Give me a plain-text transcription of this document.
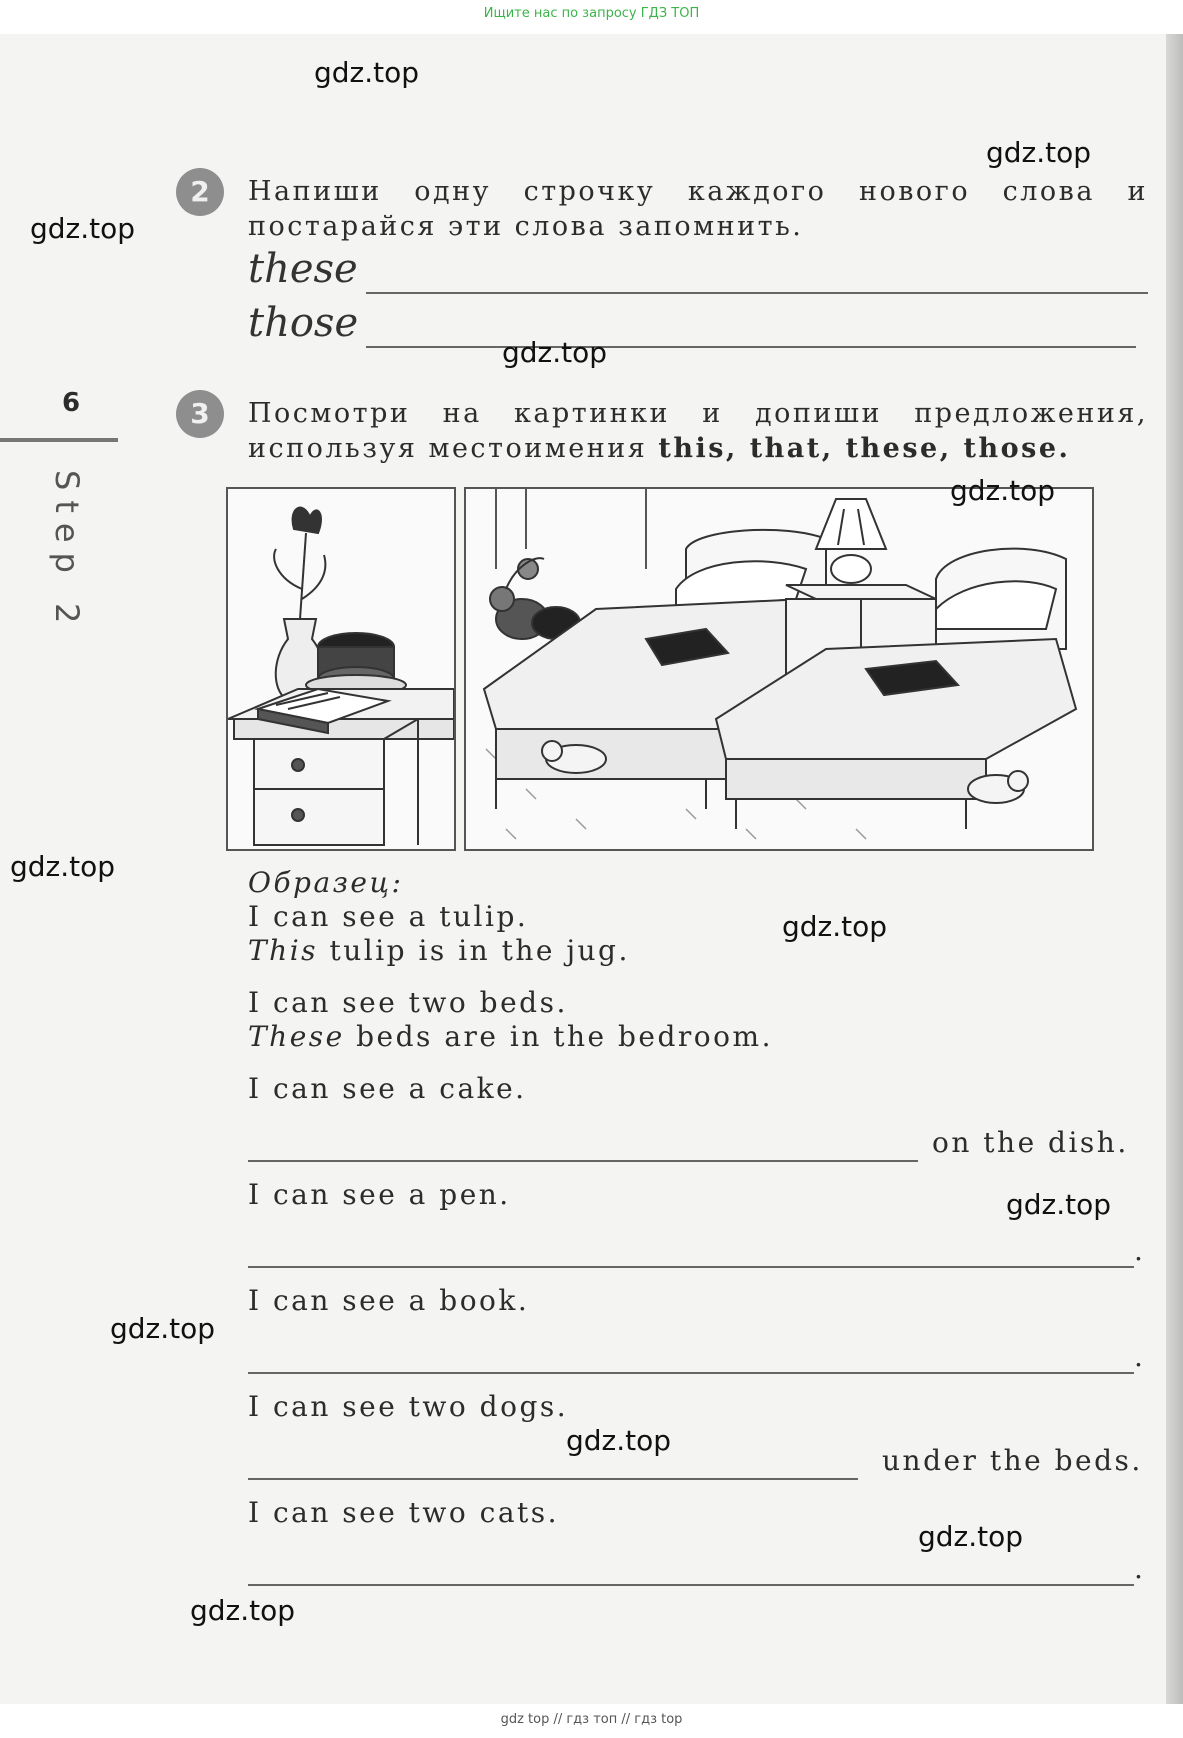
Ищите нас по запросу ГДЗ ТОП
2	Напиши одну строчку каждого нового слова и постарайся эти слова запомнить.
these
those
6
Step 2
3	Посмотри на картинки и допиши предложения, используя местоимения this, that, these, those.
Образец:
I can see a tulip.
This tulip is in the jug.
I can see two beds.
These beds are in the bedroom.
I can see a cake.
on the dish.
I can see a pen.
.
I can see a book.
.
I can see two dogs.
under the beds.
I can see two cats.
.
gdz.top
gdz.top
gdz.top
gdz.top
gdz.top
gdz.top
gdz.top
gdz.top
gdz.top
gdz.top
gdz.top
gdz.top
gdz top // гдз топ // гдз top
